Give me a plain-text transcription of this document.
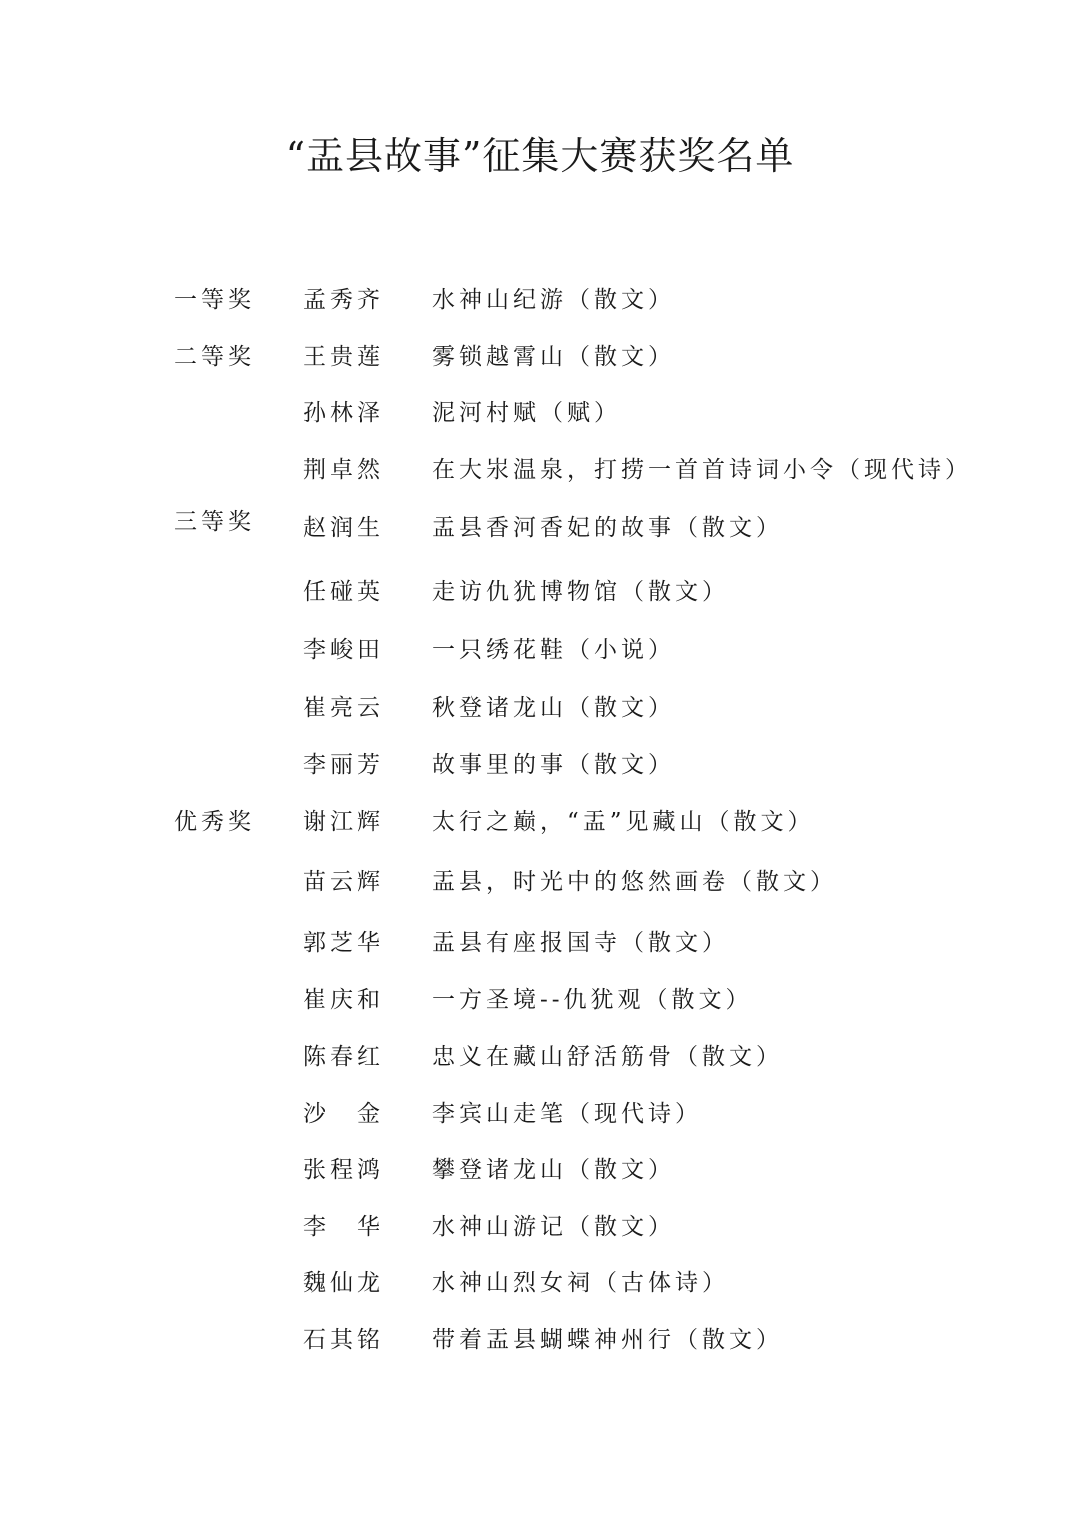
“盂县故事”征集大赛获奖名单
一等奖 孟秀齐 水神山纪游（散文）
二等奖 王贵莲 雾锁越霄山（散文）
孙林泽 泥河村赋（赋）
荆卓然 在大汖温泉，打捞一首首诗词小令（现代诗）
三等奖 赵润生 盂县香河香妃的故事（散文）
任碰英 走访仇犹博物馆（散文）
李峻田 一只绣花鞋（小说）
崔亮云 秋登诸龙山（散文）
李丽芳 故事里的事（散文）
优秀奖 谢江辉 太行之巅，“盂”见藏山（散文）
苗云辉 盂县，时光中的悠然画卷（散文）
郭芝华 盂县有座报国寺（散文）
崔庆和 一方圣境--仇犹观（散文）
陈春红 忠义在藏山舒活筋骨（散文）
沙　金 李宾山走笔（现代诗）
张程鸿 攀登诸龙山（散文）
李　华 水神山游记（散文）
魏仙龙 水神山烈女祠（古体诗）
石其铭 带着盂县蝴蝶神州行（散文）
